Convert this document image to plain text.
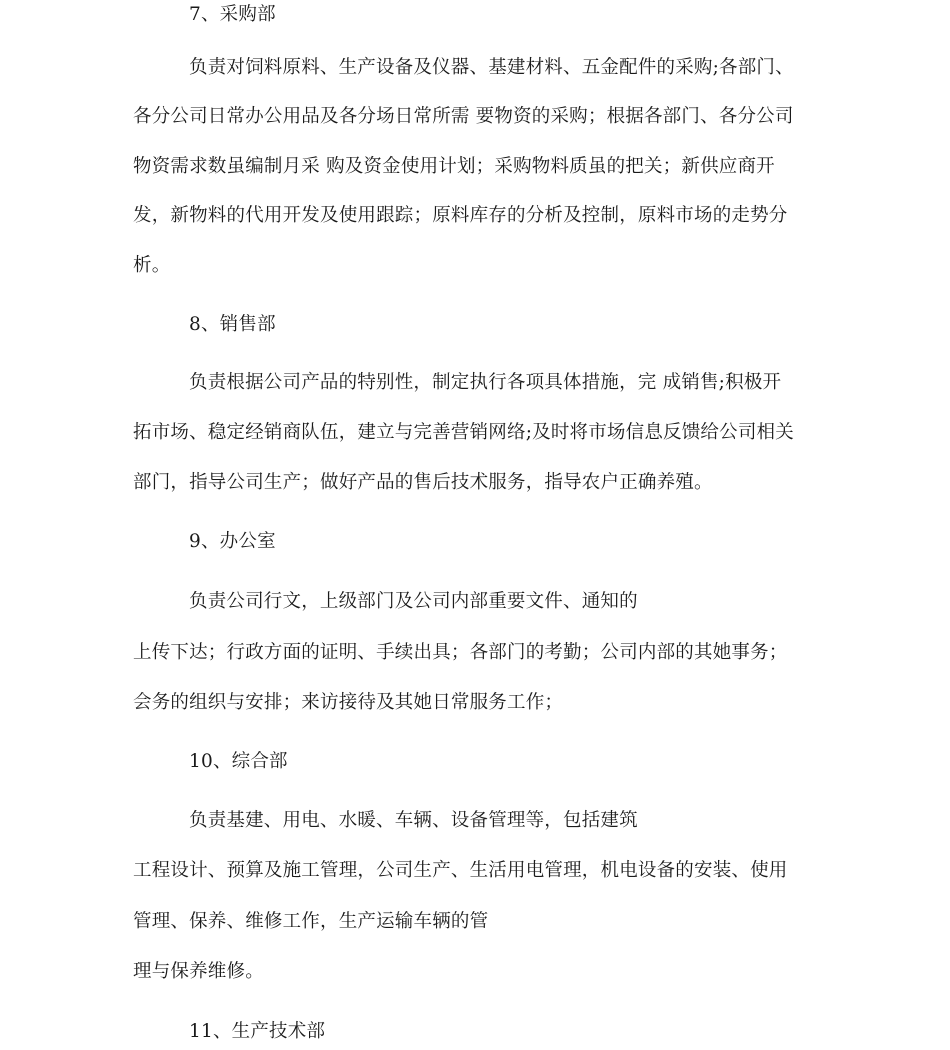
7、采购部
负责对饲料原料、生产设备及仪器、基建材料、五金配件的采购;各部门、
各分公司日常办公用品及各分场日常所需 要物资的采购；根据各部门、各分公司
物资需求数虽编制月采 购及资金使用计划；采购物料质虽的把关；新供应商开
发，新物料的代用开发及使用跟踪；原料库存的分析及控制，原料市场的走势分
析。
8、销售部
负责根据公司产品的特别性，制定执行各项具体措施，完 成销售;积极开
拓市场、稳定经销商队伍，建立与完善营销网络;及时将市场信息反馈给公司相关
部门，指导公司生产；做好产品的售后技术服务，指导农户正确养殖。
9、办公室
负责公司行文，上级部门及公司内部重要文件、通知的
上传下达；行政方面的证明、手续出具；各部门的考勤；公司内部的其她事务；
会务的组织与安排；来访接待及其她日常服务工作；
10、综合部
负责基建、用电、水暖、车辆、设备管理等，包括建筑
工程设计、预算及施工管理，公司生产、生活用电管理，机电设备的安装、使用
管理、保养、维修工作，生产运输车辆的管
理与保养维修。
11、生产技术部
